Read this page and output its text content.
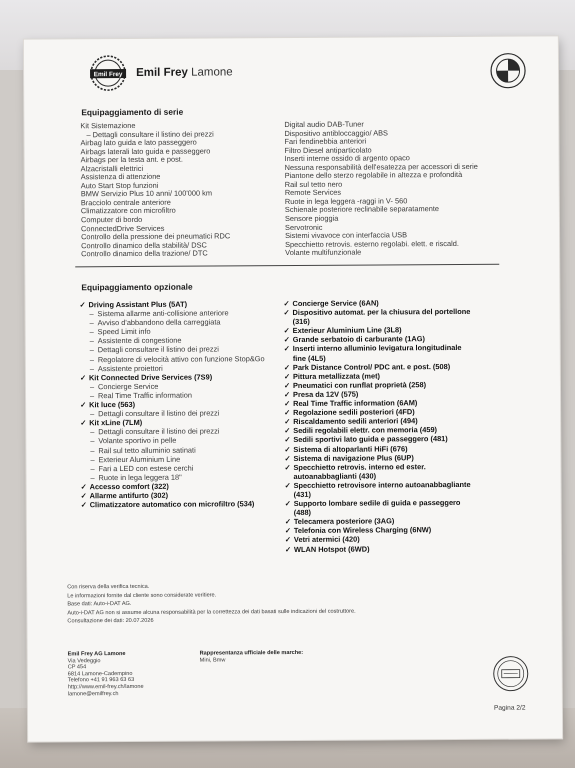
Emil Frey Emil Frey Lamone
Equipaggiamento di serie
Kit Sistemazione
– Dettagli consultare il listino dei prezzi
Airbag lato guida e lato passeggero
Airbags laterali lato guida e passeggero
Airbags per la testa ant. e post.
Alzacristalli elettrici
Assistenza di attenzione
Auto Start Stop funzioni
BMW Servizio Plus 10 anni/ 100'000 km
Bracciolo centrale anteriore
Climatizzatore con microfiltro
Computer di bordo
ConnectedDrive Services
Controllo della pressione dei pneumatici RDC
Controllo dinamico della stabilità/ DSC
Controllo dinamico della trazione/ DTC
Digital audio DAB-Tuner
Dispositivo antibloccaggio/ ABS
Fari fendinebbia anteriori
Filtro Diesel antiparticolato
Inserti interne ossido di argento opaco
Nessuna responsabilità dell'esatezza per accessori di serie
Piantone dello sterzo regolabile in altezza e profondità
Rail sul tetto nero
Remote Services
Ruote in lega leggera -raggi in V- 560
Schienale posteriore reclinabile separatamente
Sensore pioggia
Servotronic
Sistemi vivavoce con interfaccia USB
Specchietto retrovis. esterno regolabi. elett. e riscald.
Volante multifunzionale
Equipaggiamento opzionale
✓ Driving Assistant Plus (5AT)
– Sistema allarme anti-collisione anteriore
– Avviso d'abbandono della carreggiata
– Speed Limit info
– Assistente di congestione
– Dettagli consultare il listino dei prezzi
– Regolatore di velocità attivo con funzione Stop&Go
– Assistente proiettori
✓ Kit Connected Drive Services (7S9)
– Concierge Service
– Real Time Traffic information
✓ Kit luce (563)
– Dettagli consultare il listino dei prezzi
✓ Kit xLine (7LM)
– Dettagli consultare il listino dei prezzi
– Volante sportivo in pelle
– Rail sul tetto alluminio satinati
– Exterieur Aluminium Line
– Fari a LED con estese cerchi
– Ruote in lega leggera 18"
✓ Accesso comfort (322)
✓ Allarme antifurto (302)
✓ Climatizzatore automatico con microfiltro (534)
✓ Concierge Service (6AN)
✓ Dispositivo automat. per la chiusura del portellone
(316)
✓ Exterieur Aluminium Line (3L8)
✓ Grande serbatoio di carburante (1AG)
✓ Inserti interno alluminio levigatura longitudinale
fine (4L5)
✓ Park Distance Control/ PDC ant. e post. (508)
✓ Pittura metallizzata (met)
✓ Pneumatici con runflat proprietà (258)
✓ Presa da 12V (575)
✓ Real Time Traffic information (6AM)
✓ Regolazione sedili posteriori (4FD)
✓ Riscaldamento sedili anteriori (494)
✓ Sedili regolabili elettr. con memoria (459)
✓ Sedili sportivi lato guida e passeggero (481)
✓ Sistema di altoparlanti HiFi (676)
✓ Sistema di navigazione Plus (6UP)
✓ Specchietto retrovis. interno ed ester.
autoanabbaglianti (430)
✓ Specchietto retrovisore interno autoanabbagliante
(431)
✓ Supporto lombare sedile di guida e passeggero
(488)
✓ Telecamera posteriore (3AG)
✓ Telefonia con Wireless Charging (6NW)
✓ Vetri atermici (420)
✓ WLAN Hotspot (6WD)
Con riserva della verifica tecnica.
Le informazioni fornite dal cliente sono considerate veritiere.
Base dati: Auto-i-DAT AG.
Auto-i-DAT AG non si assume alcuna responsabilità per la correttezza dei dati basati sulle indicazioni del costruttore.
Consultazione dei dati: 20.07.2026
Emil Frey AG Lamone
Via Vedeggio
CP 454
6814 Lamone-Cadempino
Telefono +41 91 963 63 63
http://www.emil-frey.ch/lamone
lamone@emilfrey.ch
Rappresentanza ufficiale delle marche:
Mini, Bmw
Pagina 2/2
